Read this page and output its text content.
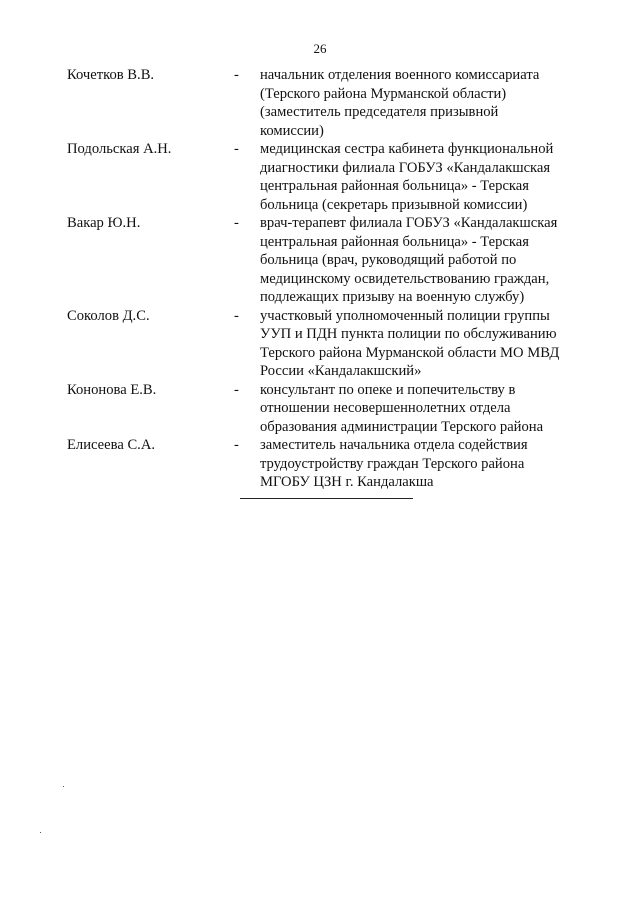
26
Кочетков В.В.	- начальник отделения военного комиссариата
(Терского района Мурманской области)
(заместитель председателя призывной
комиссии)
Подольская А.Н.	- медицинская сестра кабинета функциональной
диагностики филиала ГОБУЗ «Кандалакшская
центральная районная больница» - Терская
больница (секретарь призывной комиссии)
Вакар Ю.Н.	- врач-терапевт филиала ГОБУЗ «Кандалакшская
центральная районная больница» - Терская
больница (врач, руководящий работой по
медицинскому освидетельствованию граждан,
подлежащих призыву на военную службу)
Соколов Д.С.	- участковый уполномоченный полиции группы
УУП и ПДН пункта полиции по обслуживанию
Терского района Мурманской области МО МВД
России «Кандалакшский»
Кононова Е.В.	- консультант по опеке и попечительству в
отношении несовершеннолетних отдела
образования администрации Терского района
Елисеева С.А.	- заместитель начальника отдела содействия
трудоустройству граждан Терского района
МГОБУ ЦЗН г. Кандалакша
